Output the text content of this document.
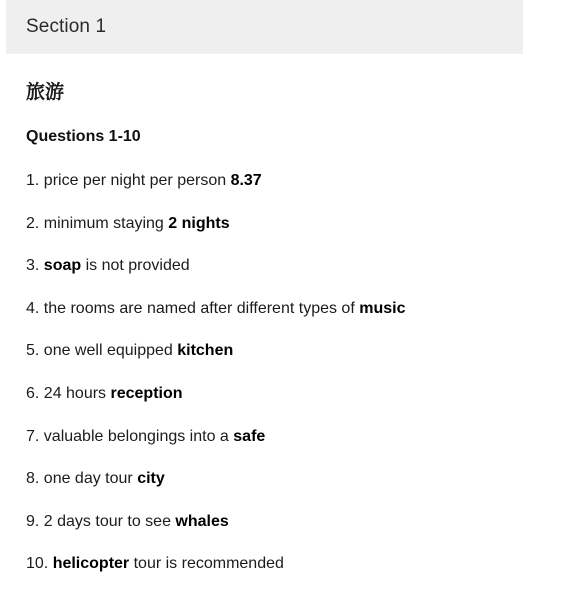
Section 1
旅游
Questions 1-10
1. price per night per person 8.37
2. minimum staying 2 nights
3. soap is not provided
4. the rooms are named after different types of music
5. one well equipped kitchen
6. 24 hours reception
7. valuable belongings into a safe
8. one day tour city
9. 2 days tour to see whales
10. helicopter tour is recommended
